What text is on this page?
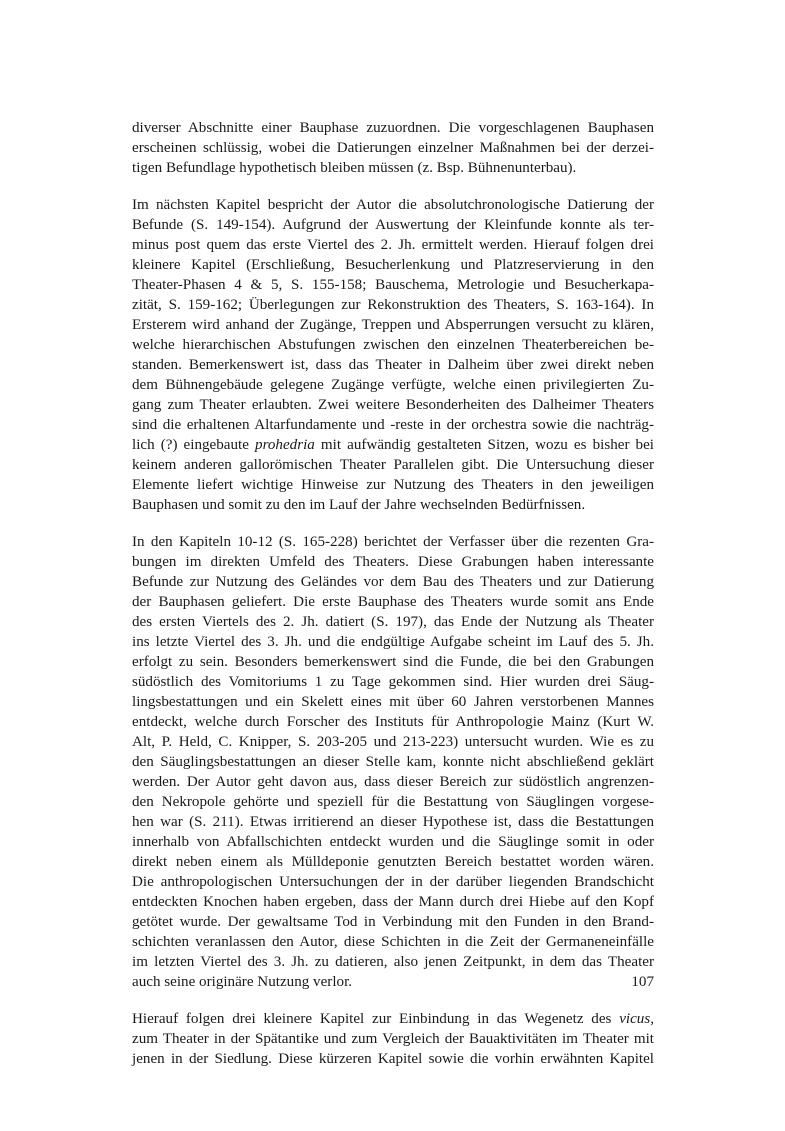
diverser Abschnitte einer Bauphase zuzuordnen. Die vorgeschlagenen Bauphasen
erscheinen schlüssig, wobei die Datierungen einzelner Maßnahmen bei der derzei-
tigen Befundlage hypothetisch bleiben müssen (z. Bsp. Bühnenunterbau).
Im nächsten Kapitel bespricht der Autor die absolutchronologische Datierung der
Befunde (S. 149-154). Aufgrund der Auswertung der Kleinfunde konnte als ter-
minus post quem das erste Viertel des 2. Jh. ermittelt werden. Hierauf folgen drei
kleinere Kapitel (Erschließung, Besucherlenkung und Platzreservierung in den
Theater-Phasen 4 & 5, S. 155-158; Bauschema, Metrologie und Besucherkapa-
zität, S. 159-162; Überlegungen zur Rekonstruktion des Theaters, S. 163-164). In
Ersterem wird anhand der Zugänge, Treppen und Absperrungen versucht zu klären,
welche hierarchischen Abstufungen zwischen den einzelnen Theaterbereichen be-
standen. Bemerkenswert ist, dass das Theater in Dalheim über zwei direkt neben
dem Bühnengebäude gelegene Zugänge verfügte, welche einen privilegierten Zu-
gang zum Theater erlaubten. Zwei weitere Besonderheiten des Dalheimer Theaters
sind die erhaltenen Altarfundamente und -reste in der orchestra sowie die nachträg-
lich (?) eingebaute prohedria mit aufwändig gestalteten Sitzen, wozu es bisher bei
keinem anderen gallorömischen Theater Parallelen gibt. Die Untersuchung dieser
Elemente liefert wichtige Hinweise zur Nutzung des Theaters in den jeweiligen
Bauphasen und somit zu den im Lauf der Jahre wechselnden Bedürfnissen.
In den Kapiteln 10-12 (S. 165-228) berichtet der Verfasser über die rezenten Gra-
bungen im direkten Umfeld des Theaters. Diese Grabungen haben interessante
Befunde zur Nutzung des Geländes vor dem Bau des Theaters und zur Datierung
der Bauphasen geliefert. Die erste Bauphase des Theaters wurde somit ans Ende
des ersten Viertels des 2. Jh. datiert (S. 197), das Ende der Nutzung als Theater
ins letzte Viertel des 3. Jh. und die endgültige Aufgabe scheint im Lauf des 5. Jh.
erfolgt zu sein. Besonders bemerkenswert sind die Funde, die bei den Grabungen
südöstlich des Vomitoriums 1 zu Tage gekommen sind. Hier wurden drei Säug-
lingsbestattungen und ein Skelett eines mit über 60 Jahren verstorbenen Mannes
entdeckt, welche durch Forscher des Instituts für Anthropologie Mainz (Kurt W.
Alt, P. Held, C. Knipper, S. 203-205 und 213-223) untersucht wurden. Wie es zu
den Säuglingsbestattungen an dieser Stelle kam, konnte nicht abschließend geklärt
werden. Der Autor geht davon aus, dass dieser Bereich zur südöstlich angrenzen-
den Nekropole gehörte und speziell für die Bestattung von Säuglingen vorgese-
hen war (S. 211). Etwas irritierend an dieser Hypothese ist, dass die Bestattungen
innerhalb von Abfallschichten entdeckt wurden und die Säuglinge somit in oder
direkt neben einem als Mülldeponie genutzten Bereich bestattet worden wären.
Die anthropologischen Untersuchungen der in der darüber liegenden Brandschicht
entdeckten Knochen haben ergeben, dass der Mann durch drei Hiebe auf den Kopf
getötet wurde. Der gewaltsame Tod in Verbindung mit den Funden in den Brand-
schichten veranlassen den Autor, diese Schichten in die Zeit der Germaneneinfälle
im letzten Viertel des 3. Jh. zu datieren, also jenen Zeitpunkt, in dem das Theater
auch seine originäre Nutzung verlor.
Hierauf folgen drei kleinere Kapitel zur Einbindung in das Wegenetz des vicus,
zum Theater in der Spätantike und zum Vergleich der Bauaktivitäten im Theater mit
jenen in der Siedlung. Diese kürzeren Kapitel sowie die vorhin erwähnten Kapitel
107
